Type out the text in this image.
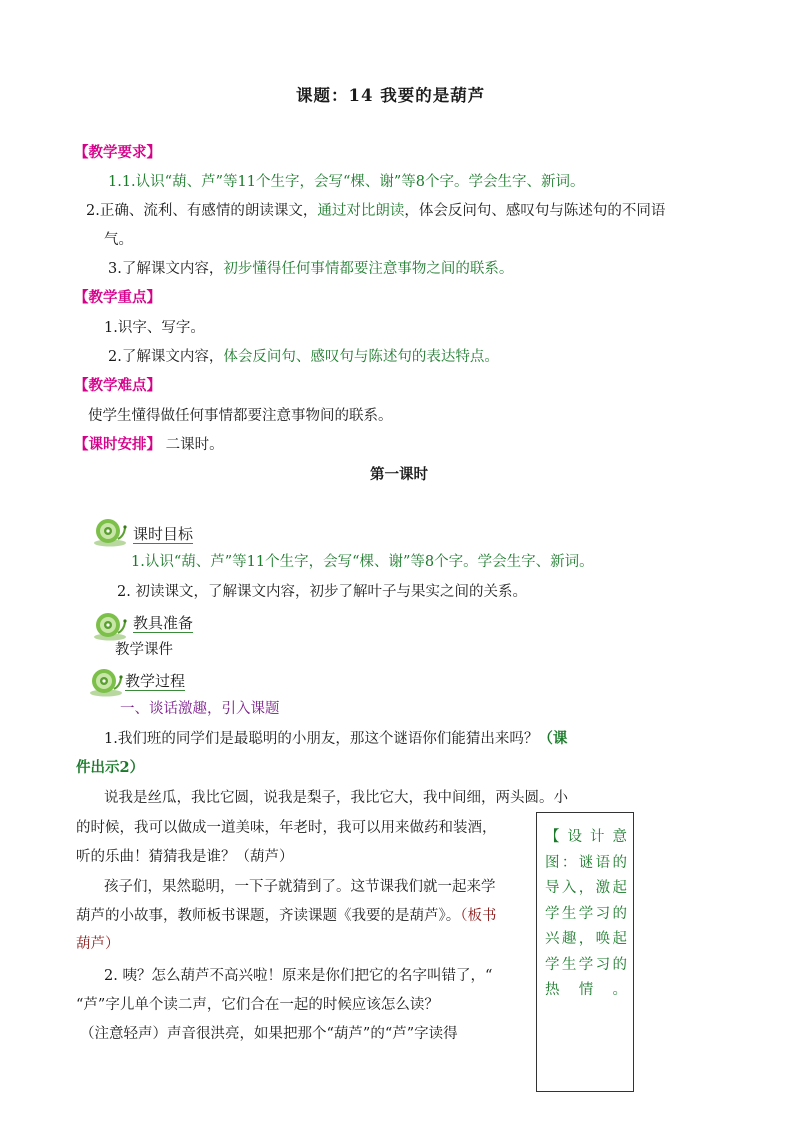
课题：14 我要的是葫芦
【教学要求】
1.1.认识“葫、芦”等11个生字，会写“棵、谢”等8个字。学会生字、新词。
2.正确、流利、有感情的朗读课文，通过对比朗读，体会反问句、感叹句与陈述句的不同语
气。
3.了解课文内容，初步懂得任何事情都要注意事物之间的联系。
【教学重点】
1.识字、写字。
2.了解课文内容，体会反问句、感叹句与陈述句的表达特点。
【教学难点】
使学生懂得做任何事情都要注意事物间的联系。
【课时安排】 二课时。
第一课时
课时目标
1.认识“葫、芦”等11个生字，会写“棵、谢”等8个字。学会生字、新词。
2. 初读课文，了解课文内容，初步了解叶子与果实之间的关系。
教具准备
教学课件
教学过程
一、谈话激趣，引入课题
1.我们班的同学们是最聪明的小朋友，那这个谜语你们能猜出来吗？（课
件出示2）
说我是丝瓜，我比它圆，说我是梨子，我比它大，我中间细，两头圆。小
的时候，我可以做成一道美味，年老时，我可以用来做药和装酒，
听的乐曲！猜猜我是谁？（葫芦）
孩子们，果然聪明，一下子就猜到了。这节课我们就一起来学
葫芦的小故事，教师板书课题，齐读课题《我要的是葫芦》。（板书
葫芦）
2. 咦？怎么葫芦不高兴啦！原来是你们把它的名字叫错了，“
“芦”字儿单个读二声，它们合在一起的时候应该怎么读？
（注意轻声）声音很洪亮，如果把那个“葫芦”的“芦”字读得
【设计意图：谜语的导入，激起学生学习的兴趣，唤起学生学习的热情。
